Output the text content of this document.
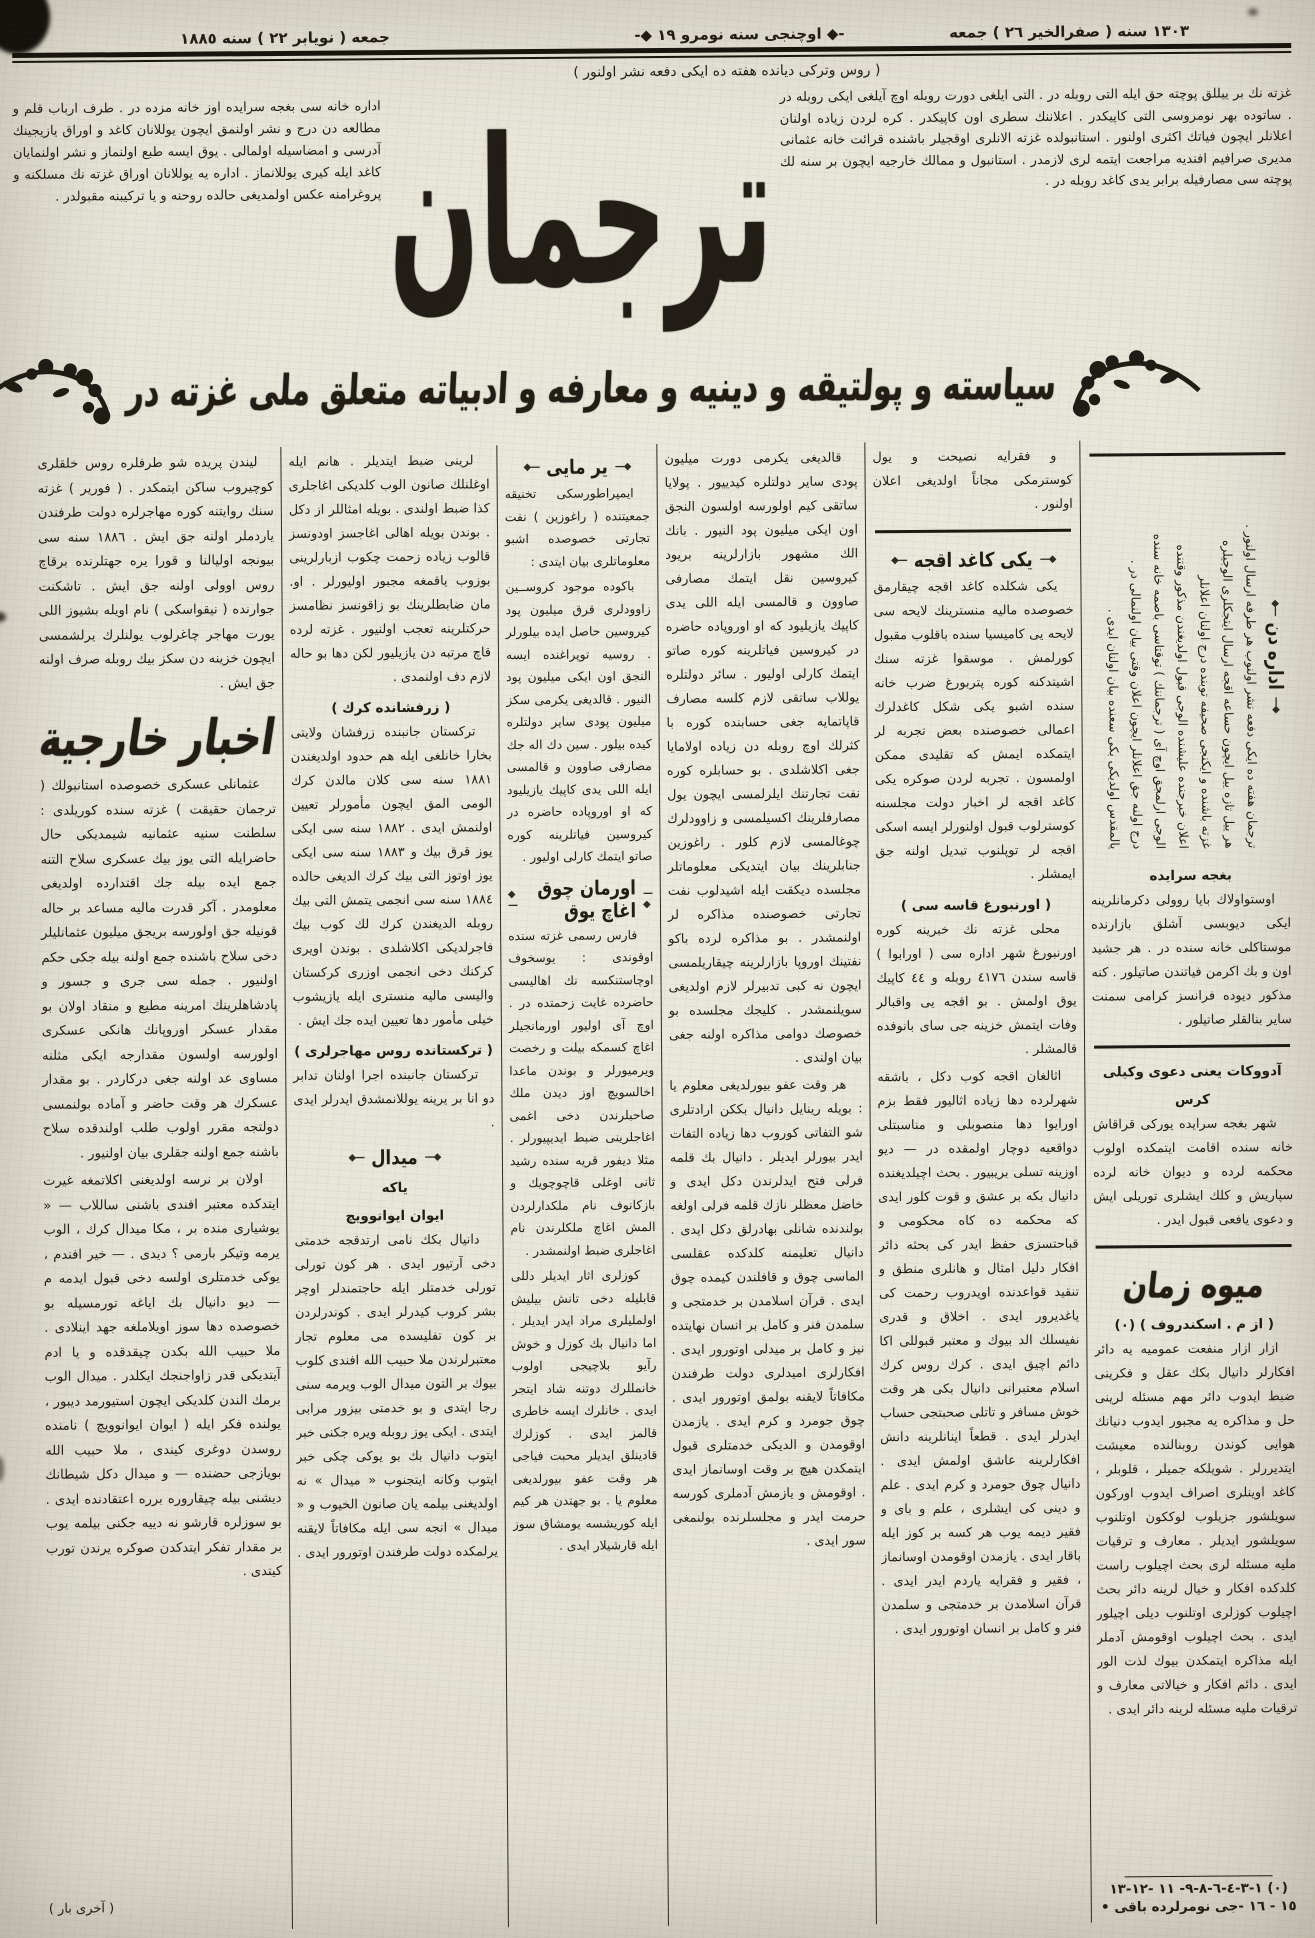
١٣٠٣ سنه ( صفرالخير ٢٦ ) جمعه
-◆ اوچنجى سنه نومرو ١٩ ◆-
جمعه ( نويابر ٢٢ ) سنه ١٨٨٥
( روس وتركى ديانده هفته ده ايكى دفعه نشر اولنور )
غزته نك بر ييللق پوچته حق ايله التى روبله در . التى ايلغى دورت روبله اوچ آيلغى ايكى روبله در . ساتوده بهر نومروسى التى كاپيكدر . اعلاننك سطرى اون كاپيكدر . كره لردن زياده اولنان اعلانلر ايچون فياتك اكثرى اولنور . استانبولده غزته الانلرى اوقجيلر باشنده قرائت خانه عثمانى مديرى صرافيم افنديه مراجعت ايتمه لرى لازمدر . استانبول و ممالك خارجيه ايچون بر سنه لك پوچته سى مصارفيله برابر يدى كاغد روبله در .
ترجمان
اداره خانه سى بغجه سرايده اوز خانه مزده در . طرف ارباب قلم و مطالعه دن درج و نشر اولنمق ايچون يوللانان كاغد و اوراق يازيجينك آدرسى و امضاسيله اولمالى . يوق ايسه طبع اولنماز و نشر اولنمايان كاغد ايله كيرى يوللانماز . اداره يه يوللانان اوراق غزته نك مسلكنه و پروغرامنه عكس اولمديغى حالده روحنه و يا تركيبنه مقبولدر .
سياسته و پولتيقه و دينيه و معارفه و ادبياته متعلق ملى غزته در
—◆
اداره دن
◆—

ترجمان هفته ده ايكى دفعه نشر اولنوب هر طرفه ارسال اولنور .

هر ييل تازه ييل ايچون حساعه اقجه ارسال ايتجكلرى الوجيلره

غزته باشنده و ايكنجى صحيفه توبنده درج اولنان اعلانلر

اعلان خبرجنده عليشنده الوجى قبول اولديغندن مذكور وقتنده

الوجى ارلمجق اوچ آى ( ترجماننك ) توقتاسى باصمه خانه سنده

درج اولنه جق اعلانلر ايچون اعلان وقتى بيان اولنمالى در .

يالمقدس اولديكى بكى سعنده بيان اولنان ايدى .

بغجه سرايده

اوستواولاك بايا روولى دكرمانلرينه ايكى ديوبسى آشلق بازارنده موستاكلى خانه سنده در . هر جشيد اون و بك اكرمن فياتندن صاتيلور . كنه مذكور ديوده فرانسز كرامى سمنت ساير بنالقلر صاتيلور .

آدووكات يعنى دعوى وكيلى
كرس

شهر بغجه سرايده يوركى قراقاش خانه سنده اقامت ايتمكده اولوب محكمه لرده و ديوان خانه لرده سپاريش و كلك ايشلرى توريلى ايش و دعوى يافعى قبول ايدر .

ميوه زمان
( از م . اسكندروف ) (٠)

ازار ازار منفعت عموميه يه دائر افكارلر دانيال بكك عقل و فكرينى ضبط ايدوب دائر مهم مسئله لرينى حل و مذاكره يه مجبور ايدوب دنيانك هوايى كوندن روبنالنده معيشت ايتديررلر . شويلكه جميلر ، قلوبلر ، كاغد اوينلرى اصراف ايدوب اوركون سويلشور جزيلوب لوككون اوتلنوب سويلشور ايديلر . معارف و ترقيات مليه مسئله لرى بحث اچيلوب راست كلدكده افكار و خيال لرينه دائر بحث اچيلوب كوزلرى اوتلنوب ديلى اچيلور ايدى . بحث اچيلوب اوقومش آدملر ايله مذاكره ايتمكدن بيوك لذت الور ايدى . دائم افكار و خيالاتى معارف و ترقيات مليه مسئله لرينه دائر ايدى .

(٠) ١-٣-٤-٦-٨-٩- ١١ -١٢-١٣
١٥ - ١٦ -جى نومرلرده باقى •

و فقرايه نصيحت و يول كوسترمكى مجاناً اولديغى اعلان اولنور .

—◆
يكى كاغد اقجه
◆—

يكى شكلده كاغد اقجه چيقارمق خصوصده ماليه منسترينك لايحه سى لايحه يى كاميسيا سنده باقلوب مقبول كورلمش . موسقوا غزته سنك اشيتدكنه كوره پتربورغ ضرب خانه سنده اشبو يكى شكل كاغدلرك اعمالى خصوصنده بعض تجربه لر ايتمكده ايمش كه تقليدى ممكن اولمسون . تجربه لردن صوكره يكى كاغد اقجه لر اخبار دولت مجلسنه كوسترلوب قبول اولنورلر ايسه اسكى اقجه لر توپلنوب تبديل اولنه جق ايمشلر .

( اورنبورغ قاسه سى )

محلى غزته نك خبرينه كوره اورنبورغ شهر اداره سى ( اورابوا ) قاسه سندن ٤١٧٦ روبله و ٤٤ كاپيك يوق اولمش . بو اقجه يى واقبالر وفات ايتمش خزينه جى ساى بانوفده قالمشلر .

اثالغان اقجه كوب دكل ، باشقه شهرلرده دها زياده اثاليور فقط بزم اورايوا دها منصوبلى و مناسبتلى دواقعيه دوچار اولمقده در — ديو اوزينه تسلى بريبيور . بحث اچيلديغنده دانيال بكه بر عشق و قوت كلور ايدى كه محكمه ده كاه محكومى و قباحتسزى حفظ ايدر كى بحثه دائر افكار دليل امثال و هانلرى منطق و تنقيد قواعدنده اويدروب رحمت كى ياغديرور ايدى . اخلاق و قدرى نفيسلك الد بيوك و معتبر قبوللى اكا دائم اچيق ايدى . كرك روس كرك اسلام معتبرانى دانيال بكى هر وقت خوش مسافر و تاتلى صحبتجى حساب ايدرلر ايدى . قطعاً اينانلرينه دانش افكارلرينه عاشق اولمش ايدى . دانيال چوق جومرد و كرم ايدى . علم و دينى كى ايشلرى ، علم و باى و فقير ديمه يوب هر كسه بر كوز ايله باقار ايدى . يازمدن اوقومدن اوسانماز ، فقير و فقرايه ياردم ايدر ايدى . قرآن اسلامدن بر خدمتجى و سلمدن فنر و كامل بر انسان اوتورور ايدى .

قالديغى يكرمى دورت ميليون پودى ساير دولتلره كيدييور . پولايا ساتقى كيم اولورسه اولسون النجق اون ايكى ميليون پود النيور . بانك الك مشهور بازارلرينه بريود كيروسين نقل ايتمك مصارفى صاوون و قالمسى ايله اللى يدى كاپيك يازيليود كه او اوروپاده حاضره در كيروسين فياتلرينه كوره صاتو ايتمك كارلى اوليور . سائر دولتلره يوللاب ساتقى لازم كلسه مصارف قاپاتمايه جغى حسابنده كوره با كثرلك اوچ روبله دن زياده اولامايا جغى اكلاشلدى . بو حسابلره كوره نفت تجارتنك ايلرلمسى ايچون يول مصارفلرينك اكسيلمسى و زاوودلرك چوغالمسى لازم كلور . راغوزين جنابلرينك بيان ايتديكى معلوماتلر مجلسده ديكقت ايله اشيدلوب نفت تجارتى خصوصنده مذاكره لر اولنمشدر . بو مذاكره لرده باكو نفتينك اوروپا بازارلرينه چيقاريلمسى ايچون نه كبى تدبيرلر لازم اولديغى سويلنمشدر . كليجك مجلسده بو خصوصك دوامى مذاكره اولنه جغى بيان اولندى .

هر وقت عفو بيورلديغى معلوم يا : بويله رينايل دانيال بككن ارادتلرى شو التفاتى كوروب دها زياده التفات ايدر بيورلر ايديلر . دانيال بك قلمه فرلى فتح ايدلرندن دكل ايدى و خاضل معظلر نازك قلمه فرلى اولغه بولندنده شانلى بهادرلق دكل ايدى . دانيال تعليمنه كلدكده عقلسى الماسى چوق و قافلندن كيمده چوق ايدى . قرآن اسلامدن بر خدمتجى و سلمدن فنر و كامل بر انسان نهايتده نيز و كامل بر ميدلى اوتورور ايدى . افكارلرى اميدلرى دولت طرفندن مكافاتاً لايقنه بولمق اوتورور ايدى . چوق جومرد و كرم ايدى . يازمدن اوقومدن و الديكى خدمتلرى قبول ايتمكدن هيچ بر وقت اوسانماز ايدى . اوقومش و يازمش آدملرى كورسه حرمت ايدر و مجلسلرنده بولنمغى سور ايدى .

—◆
ير مايى
◆—

ايمپراطورسكى تخنيقه جمعيتنده ( راغوزين ) نفت تجارتى خصوصده اشبو معلوماتلرى بيان ايتدى :

باكوده موجود كروســين زاوودلرى قرق ميليون پود كيروسين حاصل ايده بيلورلر . روسيه توپراغنده ايسه النجق اون ايكى ميليون پود النيور . قالديغى يكرمى سكز ميليون پودى ساير دولتلره كيده بيلور . سين دك اله جك مصارفى صاوون و قالمسى ايله اللى يدى كاپيك يازيليود كه او اوروپاده حاضره در كيروسين فياتلرينه كوره صاتو ايتمك كارلى اوليور .

—◆
اورمان چوق اغاچ يوق
◆—

فارس رسمى غزته سنده اوقوندى : يوسخوف اوچاستنكسه نك اهاليسى حاضرده غايت زحمتده در . اوچ آى اوليور اورمانجيلر اغاچ كسمكه بيلت و رخصت ويرميورلر و بوندن ماعدا اخالسويچ اوز ديدن ملك صاحبلرندن دخى اغمى اغاجلرينى ضبط ايديپيورلر . مثلا ديفور قريه سنده رشيد ثانى اوغلى قاچوچويك و بازكانوف نام ملكدارلردن المش اغاچ ملكلرندن نام اغاجلرى ضبط اولنمشدر .

كوزلرى اثار ايديلر دللى قابليله دخى تانش بيليش اولمليلرى مراد ايدر ايديلر . اما دانيال بك كوزل و خوش رآيو بلاچيجى اولوب خانمللرك دوتنه شاد ايتجر ايدى . خانلرك ايسه خاطرى قالمز ايدى . كوزلرك قادينلق ايديلر محبت فياجى هر وقت عفو بيورلديغى معلوم يا . بو جهتدن هر كيم ايله كوريشسه يومشاق سوز ايله قارشيلار ايدى .

لرينى ضبط ايتديلر . هانم ايله اوغلنلك صانون الوب كلديكى اغاجلرى كذا ضبط اولندى . بويله امثاللر از دكل . بوندن بويله اهالى اغاجسز اودونسز قالوب زياده زحمت چكوب ازبارلرينى بوزوب ياقمغه مجبور اوليورلر . او. مان ضابطلرينك بو زاقونسز نظامسز حركتلرينه تعجب اولنيور . غزته لرده قاچ مرتبه دن يازيليور لكن دها بو حاله لازم دف اولنمدى .

( زرفشانده كرك )

تركستان جانبنده زرفشان ولايتى بخارا خانلغى ايله هم حدود اولديغندن ١٨٨١ سنه سى كلان مالدن كرك الومى المق ايچون مأمورلر تعيين اولنمش ايدى . ١٨٨٢ سنه سى ايكى يوز قرق بيك و ١٨٨٣ سنه سى ايكى يوز اوتوز التى بيك كرك الديغى حالده ١٨٨٤ سنه سى انجمى يتمش التى بيك روبله الديغندن كرك لك كوب بيك فاجرلديكى اكلاشلدى . بوندن اويرى كركنك دخى انجمى اوزرى كركستان واليسى ماليه منسترى ايله يازيشوب خيلى مأمور دها تعيين ايده جك ايش .

( تركستانده روس مهاجرلرى )

تركستان جانبنده اجرا اولنان تدابر دو انا بر يرينه يوللانمشدق ايدرلر ايدى .

—◆
ميدال
◆—
ياكه
ايوان ايوانوويچ

دانيال بكك نامى ارتدقجه خدمتى دخى آرتيور ايدى . هر كون تورلى تورلى خدمتلر ايله حاجتمندلر اوچر بشر كروب كيدرلر ايدى . كوندرلردن بر كون تفليسده مى معلوم تجار معتبرلرندن ملا حبيب الله افندى كلوب بيوك بر التون ميدال الوب ويرمه سنى رجا ايتدى و بو خدمتى بيزور مرابى ايتدى . ايكى يوز روبله ويره جكنى خبر ايتوب دانيال بك بو يوكى چكى خبر ايتوب وكانه ايتجنوب « ميدال » نه اولديغنى بيلمه يان صانون الخيوب و « ميدال » انجه سى ايله مكافاتاً لايقنه يرلمكده دولت طرفندن اوتورور ايدى .

ليندن پريده شو طرفلره روس خلقلرى كوچيروب ساكن ايتمكدر . ( فورير ) غزته سنك روايتنه كوره مهاجرلره دولت طرفندن ياردملر اولنه جق ايش . ١٨٨٦ سنه سى بيونجه اوليالنا و قورا يره جهتلرنده برقاچ روس اوولى اولنه جق ايش . تاشكنت جوارنده ( نيقواسكى ) نام اويله بشيوز اللى يورت مهاجر چاغرلوب يولنلرك يرلشمسى ايچون خزينه دن سكز بيك روبله صرف اولنه جق ايش .

اخبار خارجية

عثمانلى عسكرى خصوصده استانبولك ( ترجمان حقيقت ) غزته سنده كوريلدى : سلطنت سنيه عثمانيه شيمديكى حال حاضرايله التى يوز بيك عسكرى سلاح التنه جمع ايده بيله جك اقتدارده اولديغى معلومدر . آكر قدرت ماليه مساعد بر حاله قونيله جق اولورسه بريجق ميليون عثمانليلر دخى سلاح باشنده جمع اولنه بيله جكى حكم اولنيور . جمله سى جرى و جسور و پادشاهلرينك امرينه مطيع و منقاد اولان بو مقدار عسكر اوروپانك هانكى عسكرى اولورسه اولسون مقدارجه ايكى مثلنه مساوى عد اولنه جغى دركاردر . بو مقدار عسكرك هر وقت حاضر و آماده بولنمسى دولتجه مقرر اولوب طلب اولندقده سلاح باشنه جمع اولنه جقلرى بيان اولنيور .

اولان بر نرسه اولديغنى اكلاتمغه غيرت ايتدكده معتبر افندى باشنى ساللاب — « يوشيارى منده بر ، مكا ميدال كرك ، الوب يرمه وتيكر بارمى ؟ ديدى . — خير افندم ، يوكى خدمتلرى اولسه دخى قبول ايدمه م — ديو دانيال بك اياغه تورمسيله بو خصوصده دها سوز اويلاملغه جهد اينلادى . ملا حبيب الله بكدن چيقدقده و يا ادم آيتديكى قدر زاواجنجك ايكلدر . ميدال الوب برمك الندن كلديكى ايچون استيورمد ديبور ، يولنده فكر ايله ( ايوان ايوانوويچ ) نامنده روسدن دوغرى كيندى ، ملا حبيب الله بويازجى حضنده — و ميدال دكل شيطانك ديشنى بيله چيقاروره برره اعتقادنده ايدى . بو سوزلره قارشو نه دييه جكنى بيلمه يوب بر مقدار تفكر ايتدكدن صوكره يرندن تورب كيتدى .

( آخرى بار )
